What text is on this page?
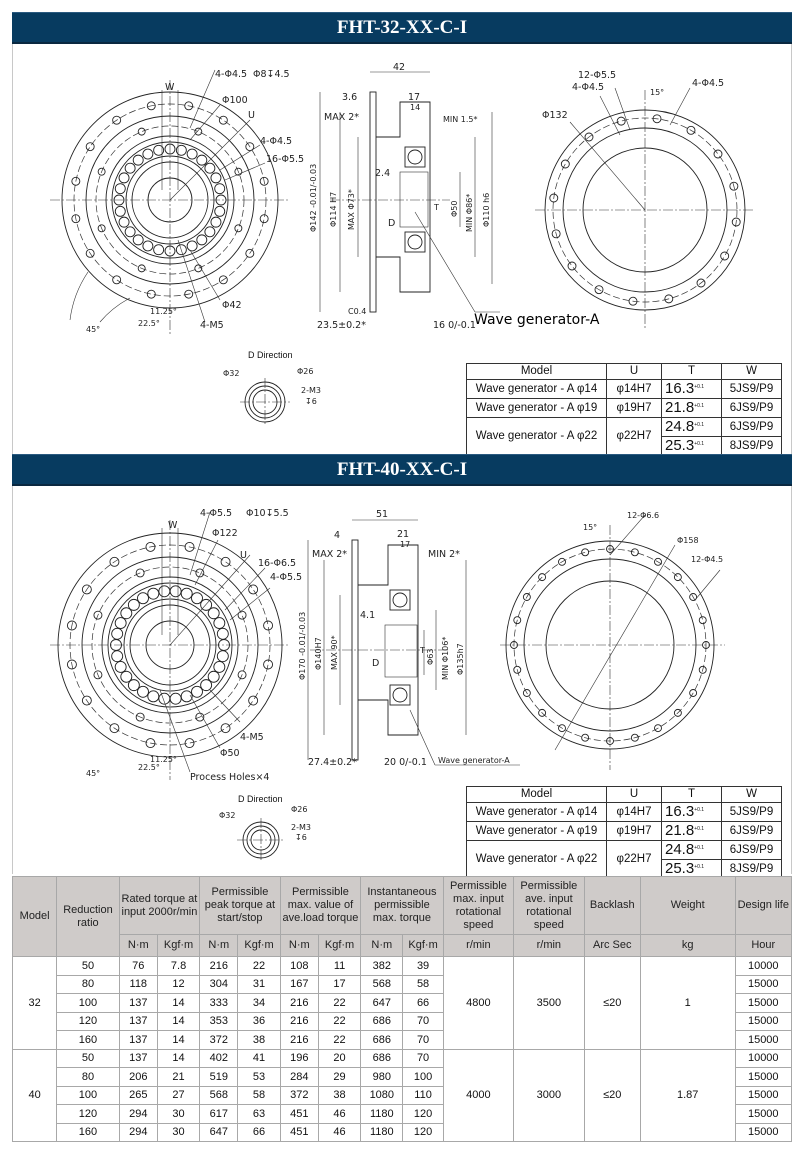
FHT-32-XX-C-I
W
4-Φ4.5 Φ8↧4.5
Φ100
U
4-Φ4.5
16-Φ5.5
Φ42
4-M5
11.25°
22.5°
45°
42
3.6	17
14
MAX 2*	MIN 1.5*
2.4
Φ142 -0.01/-0.03 Φ114 H7 MAX Φ73*	Φ50 MIN Φ86* Φ110 h6
D
T
C0.4
23.5±0.2*	16 0/-0.1
Wave generator-A
12-Φ5.5
4-Φ4.5	15°
4-Φ4.5
Φ132
D Direction
Φ32	Φ26
2-M3
↧6
Model	U	T	W
Wave generator - A φ14	φ14H7	$16.3^{+0.1}$	5JS9/P9
Wave generator - A φ19	φ19H7	$21.8^{+0.1}$	6JS9/P9
Wave generator - A φ22	φ22H7	$24.8^{+0.1}$	6JS9/P9
		$25.3^{+0.1}$	8JS9/P9
FHT-40-XX-C-I
W
4-Φ5.5 Φ10↧5.5
Φ122
U
16-Φ6.5
4-Φ5.5
4-M5
Φ50
Process Holes×4
11.25°
22.5°
45°
51
4	21
17
MAX 2*	MIN 2*
4.1
Φ170 -0.01/-0.03 Φ140H7 MAX 90*	Φ63 MIN Φ106* Φ135h7
D
T
27.4±0.2*	20 0/-0.1 Wave generator-A
15°
12-Φ6.6
Φ158
12-Φ4.5
D Direction
Φ32
Φ26
2-M3
↧6
Model	U	T	W
Wave generator - A φ14	φ14H7	$16.3^{+0.1}$	5JS9/P9
Wave generator - A φ19	φ19H7	$21.8^{+0.1}$	6JS9/P9
Wave generator - A φ22	φ22H7	$24.8^{+0.1}$	6JS9/P9
		$25.3^{+0.1}$	8JS9/P9
Model	Reduction ratio	Rated torque at input 2000r/min		Permissible peak torque at start/stop		Permissible max. value of ave.load torque		Instantaneous permissible max. torque		Permissible max. input rotational speed	Permissible ave. input rotational speed	Backlash	Weight	Design life
		N·m	Kgf·m	N·m	Kgf·m	N·m	Kgf·m	N·m	Kgf·m	r/min	r/min	Arc Sec	kg	Hour
32	50	76	7.8	216	22	108	11	382	39	4800	3500	≤20	1	10000
	80	118	12	304	31	167	17	568	58					15000
	100	137	14	333	34	216	22	647	66					15000
	120	137	14	353	36	216	22	686	70					15000
	160	137	14	372	38	216	22	686	70					15000
40	50	137	14	402	41	196	20	686	70	4000	3000	≤20	1.87	10000
	80	206	21	519	53	284	29	980	100					15000
	100	265	27	568	58	372	38	1080	110					15000
	120	294	30	617	63	451	46	1180	120					15000
	160	294	30	647	66	451	46	1180	120					15000
